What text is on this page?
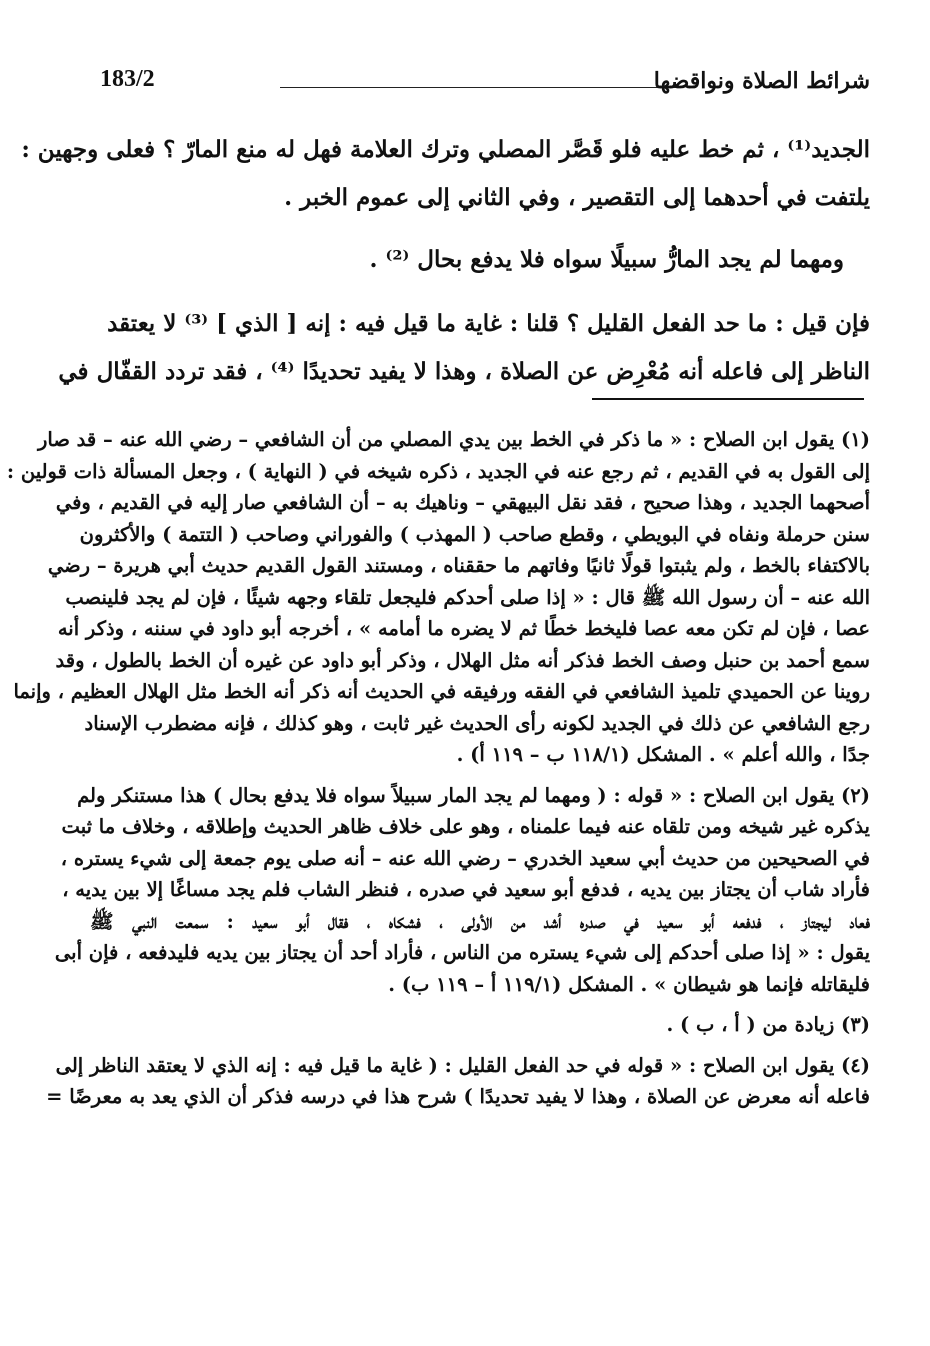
183/2	شرائط الصلاة ونواقضها

الجديد⁽¹⁾ ، ثم خط عليه فلو قَصَّر المصلي وترك العلامة فهل له منع المارّ ؟ فعلى وجهين :
يلتفت في أحدهما إلى التقصير ، وفي الثاني إلى عموم الخبر .

ومهما لم يجد المارُّ سبيلًا سواه فلا يدفع بحال ⁽²⁾ .

فإن قيل : ما حد الفعل القليل ؟ قلنا : غاية ما قيل فيه : إنه [ الذي ] ⁽³⁾ لا يعتقد
الناظر إلى فاعله أنه مُعْرِض عن الصلاة ، وهذا لا يفيد تحديدًا ⁽⁴⁾ ، فقد تردد القفّال في

(١) يقول ابن الصلاح : « ما ذكر في الخط بين يدي المصلي من أن الشافعي – رضي الله عنه – قد صار
إلى القول به في القديم ، ثم رجع عنه في الجديد ، ذكره شيخه في ( النهاية ) ، وجعل المسألة ذات قولين :
أصحهما الجديد ، وهذا صحيح ، فقد نقل البيهقي – وناهيك به – أن الشافعي صار إليه في القديم ، وفي
سنن حرملة ونفاه في البويطي ، وقطع صاحب ( المهذب ) والفوراني وصاحب ( التتمة ) والأكثرون
بالاكتفاء بالخط ، ولم يثبتوا قولًا ثانيًا وفاتهم ما حققناه ، ومستند القول القديم حديث أبي هريرة – رضي
الله عنه – أن رسول الله ﷺ قال : « إذا صلى أحدكم فليجعل تلقاء وجهه شيئًا ، فإن لم يجد فلينصب
عصا ، فإن لم تكن معه عصا فليخط خطًا ثم لا يضره ما أمامه » ، أخرجه أبو داود في سننه ، وذكر أنه
سمع أحمد بن حنبل وصف الخط فذكر أنه مثل الهلال ، وذكر أبو داود عن غيره أن الخط بالطول ، وقد
روينا عن الحميدي تلميذ الشافعي في الفقه ورفيقه في الحديث أنه ذكر أنه الخط مثل الهلال العظيم ، وإنما
رجع الشافعي عن ذلك في الجديد لكونه رأى الحديث غير ثابت ، وهو كذلك ، فإنه مضطرب الإسناد
جدًا ، والله أعلم » . المشكل (١١٨/١ ب – ١١٩ أ) .
(٢) يقول ابن الصلاح : « قوله : ( ومهما لم يجد المار سبيلاً سواه فلا يدفع بحال ) هذا مستنكر ولم
يذكره غير شيخه ومن تلقاه عنه فيما علمناه ، وهو على خلاف ظاهر الحديث وإطلاقه ، وخلاف ما ثبت
في الصحيحين من حديث أبي سعيد الخدري – رضي الله عنه – أنه صلى يوم جمعة إلى شيء يستره ،
فأراد شاب أن يجتاز بين يديه ، فدفع أبو سعيد في صدره ، فنظر الشاب فلم يجد مساغًا إلا بين يديه ،
فعاد ليجتاز ، فدفعه أبو سعيد في صدره أشد من الأولى ، فشكاه ، فقال أبو سعيد : سمعت النبي ﷺ
يقول : « إذا صلى أحدكم إلى شيء يستره من الناس ، فأراد أحد أن يجتاز بين يديه فليدفعه ، فإن أبى
فليقاتله فإنما هو شيطان » . المشكل (١١٩/١ أ – ١١٩ ب) .
(٣) زيادة من ( أ ، ب ) .
(٤) يقول ابن الصلاح : « قوله في حد الفعل القليل : ( غاية ما قيل فيه : إنه الذي لا يعتقد الناظر إلى
فاعله أنه معرض عن الصلاة ، وهذا لا يفيد تحديدًا ) شرح هذا في درسه فذكر أن الذي يعد به معرضًا =
